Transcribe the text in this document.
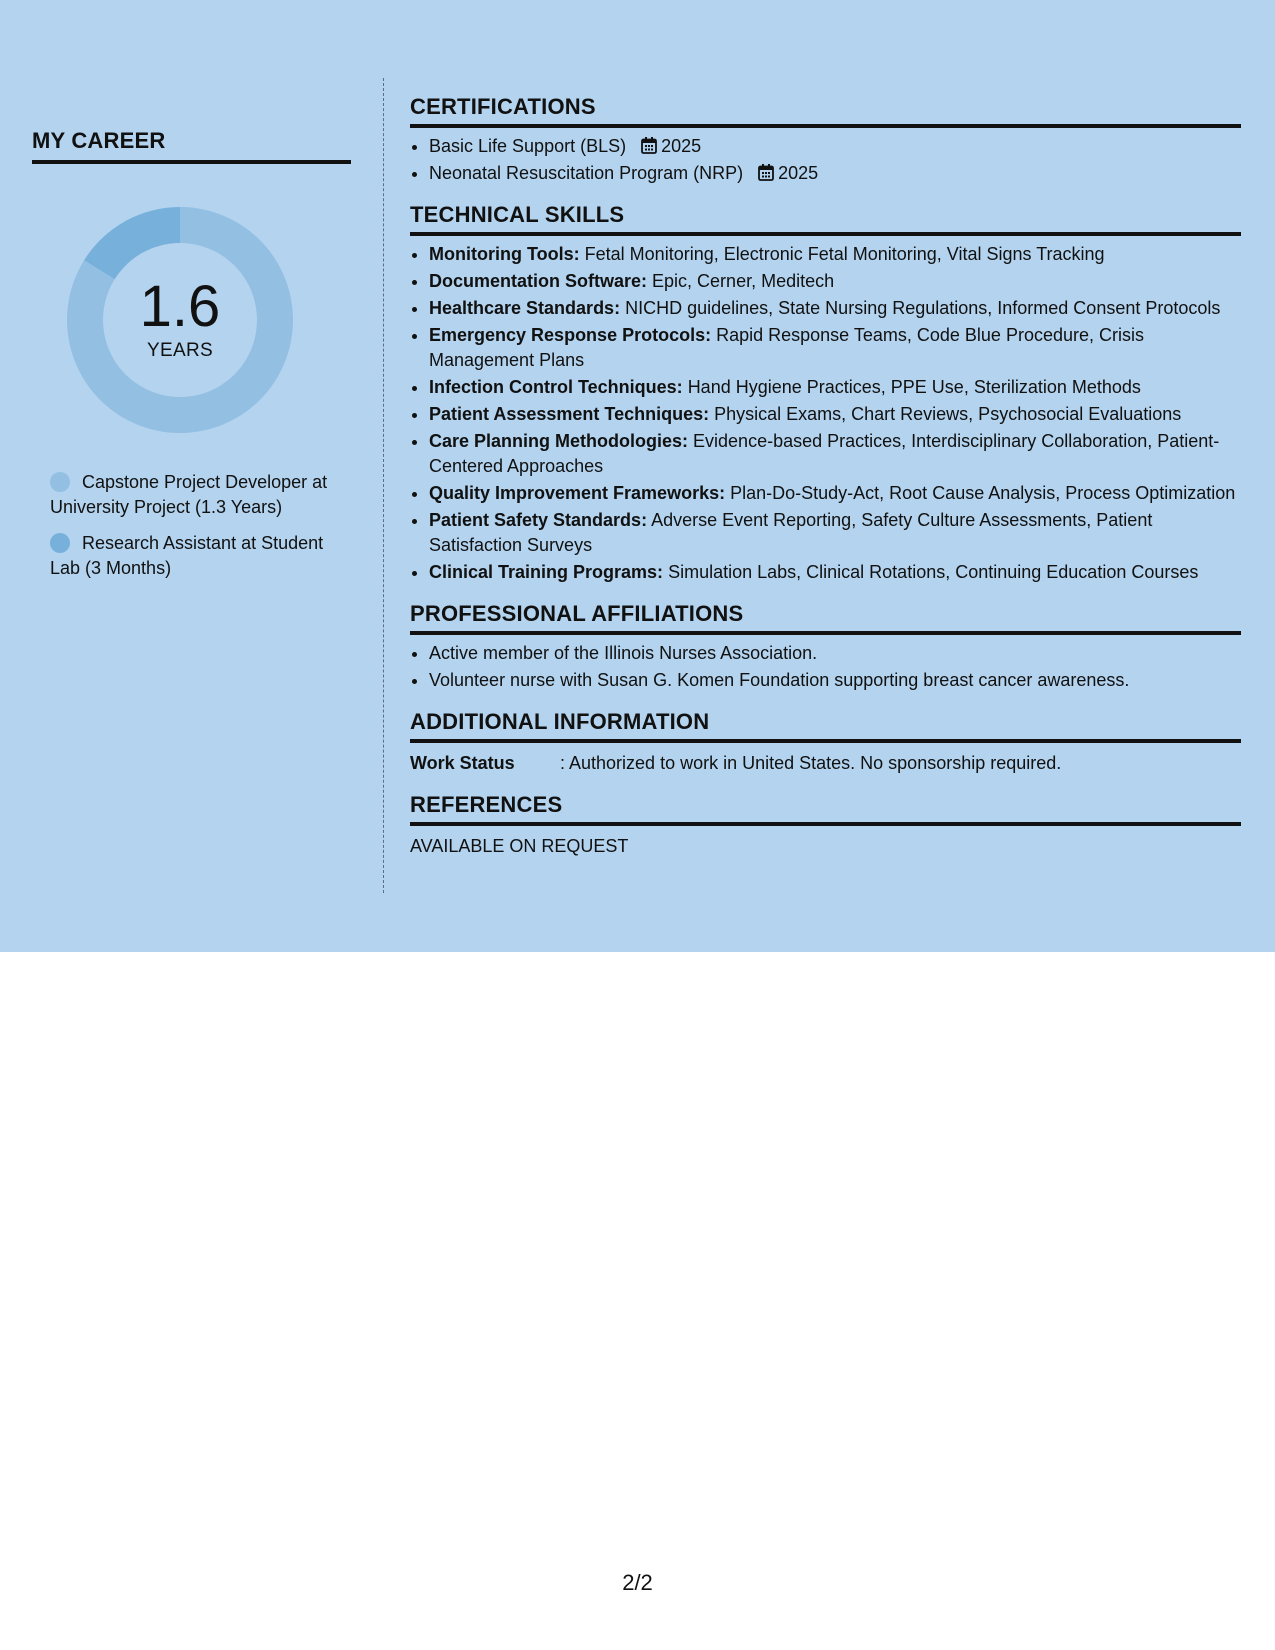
MY CAREER
1.6
YEARS
Capstone Project Developer at University Project (1.3 Years)
Research Assistant at Student Lab (3 Months)
CERTIFICATIONS
• Basic Life Support (BLS) 2025
• Neonatal Resuscitation Program (NRP) 2025
TECHNICAL SKILLS
• Monitoring Tools: Fetal Monitoring, Electronic Fetal Monitoring, Vital Signs Tracking
• Documentation Software: Epic, Cerner, Meditech
• Healthcare Standards: NICHD guidelines, State Nursing Regulations, Informed Consent Protocols
• Emergency Response Protocols: Rapid Response Teams, Code Blue Procedure, Crisis Management Plans
• Infection Control Techniques: Hand Hygiene Practices, PPE Use, Sterilization Methods
• Patient Assessment Techniques: Physical Exams, Chart Reviews, Psychosocial Evaluations
• Care Planning Methodologies: Evidence-based Practices, Interdisciplinary Collaboration, Patient-Centered Approaches
• Quality Improvement Frameworks: Plan-Do-Study-Act, Root Cause Analysis, Process Optimization
• Patient Safety Standards: Adverse Event Reporting, Safety Culture Assessments, Patient Satisfaction Surveys
• Clinical Training Programs: Simulation Labs, Clinical Rotations, Continuing Education Courses
PROFESSIONAL AFFILIATIONS
• Active member of the Illinois Nurses Association.
• Volunteer nurse with Susan G. Komen Foundation supporting breast cancer awareness.
ADDITIONAL INFORMATION
Work Status	: Authorized to work in United States. No sponsorship required.
REFERENCES
AVAILABLE ON REQUEST
2/2
